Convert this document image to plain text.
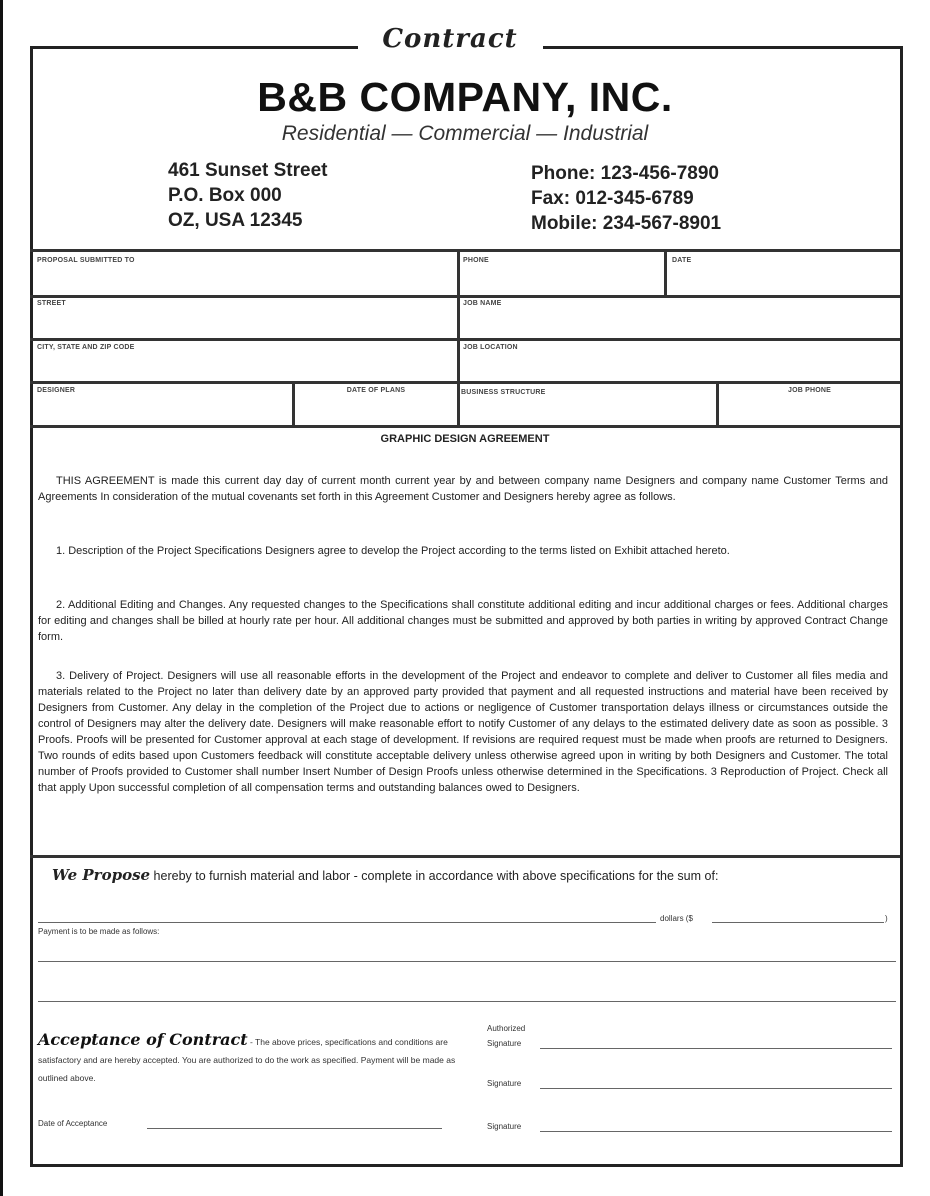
Contract
B&B COMPANY, INC.
Residential — Commercial — Industrial
461 Sunset Street
P.O. Box 000
OZ, USA 12345
Phone: 123-456-7890
Fax: 012-345-6789
Mobile: 234-567-8901
PROPOSAL SUBMITTED TO	PHONE	DATE
STREET	JOB NAME
CITY, STATE AND ZIP CODE	JOB LOCATION
DESIGNER	DATE OF PLANS	BUSINESS STRUCTURE	JOB PHONE
GRAPHIC DESIGN AGREEMENT
THIS AGREEMENT is made this current day day of current month current year by and between company name Designers and company name Customer Terms and Agreements In consideration of the mutual covenants set forth in this Agreement Customer and Designers hereby agree as follows.
1. Description of the Project Specifications Designers agree to develop the Project according to the terms listed on Exhibit attached hereto.
2. Additional Editing and Changes. Any requested changes to the Specifications shall constitute additional editing and incur additional charges or fees. Additional charges for editing and changes shall be billed at hourly rate per hour. All additional changes must be submitted and approved by both parties in writing by approved Contract Change form.
3. Delivery of Project. Designers will use all reasonable efforts in the development of the Project and endeavor to complete and deliver to Customer all files media and materials related to the Project no later than delivery date by an approved party provided that payment and all requested instructions and material have been received by Designers from Customer. Any delay in the completion of the Project due to actions or negligence of Customer transportation delays illness or circumstances outside the control of Designers may alter the delivery date. Designers will make reasonable effort to notify Customer of any delays to the estimated delivery date as soon as possible. 3 Proofs. Proofs will be presented for Customer approval at each stage of development. If revisions are required request must be made when proofs are returned to Designers. Two rounds of edits based upon Customers feedback will constitute acceptable delivery unless otherwise agreed upon in writing by both Designers and Customer. The total number of Proofs provided to Customer shall number Insert Number of Design Proofs unless otherwise determined in the Specifications. 3 Reproduction of Project. Check all that apply Upon successful completion of all compensation terms and outstanding balances owed to Designers.
We Propose hereby to furnish material and labor - complete in accordance with above specifications for the sum of:
dollars ($	)
Payment is to be made as follows:
Acceptance of Contract - The above prices, specifications and conditions are satisfactory and are hereby accepted. You are authorized to do the work as specified. Payment will be made as outlined above.
Date of Acceptance
Authorized
Signature
Signature
Signature
